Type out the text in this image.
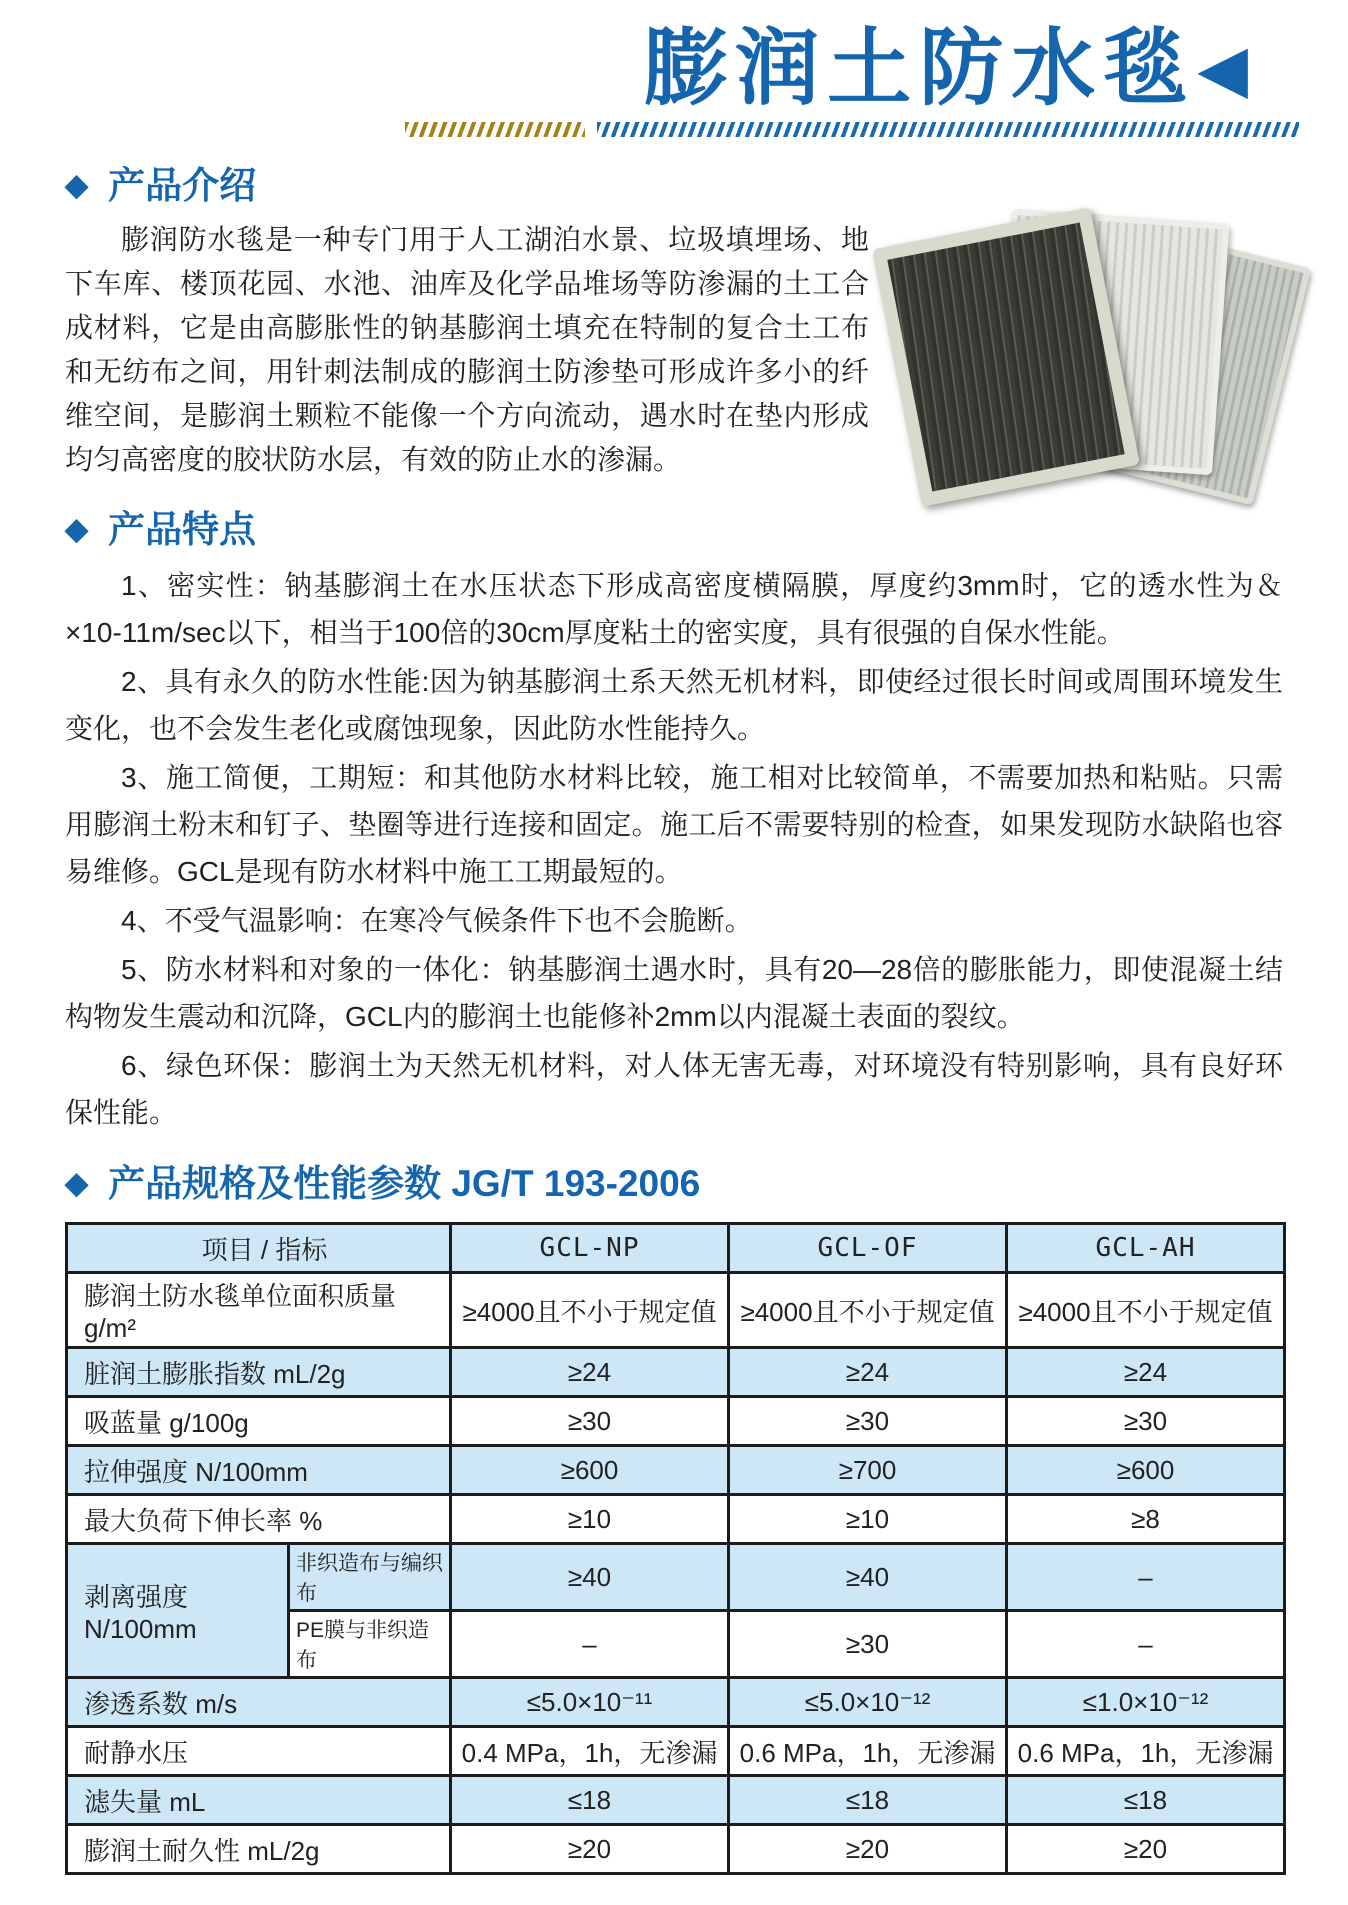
膨润土防水毯◀
◆ 产品介绍

膨润防水毯是一种专门用于人工湖泊水景、垃圾填埋场、地下车库、楼顶花园、水池、油库及化学品堆场等防渗漏的土工合成材料，它是由高膨胀性的钠基膨润土填充在特制的复合土工布和无纺布之间，用针刺法制成的膨润土防渗垫可形成许多小的纤维空间，是膨润土颗粒不能像一个方向流动，遇水时在垫内形成均匀高密度的胶状防水层，有效的防止水的渗漏。

◆ 产品特点

1、密实性：钠基膨润土在水压状态下形成高密度横隔膜，厚度约3mm时，它的透水性为＆×10-11m/sec以下，相当于100倍的30cm厚度粘土的密实度，具有很强的自保水性能。

2、具有永久的防水性能:因为钠基膨润土系天然无机材料，即使经过很长时间或周围环境发生变化，也不会发生老化或腐蚀现象，因此防水性能持久。

3、施工简便，工期短：和其他防水材料比较，施工相对比较简单，不需要加热和粘贴。只需用膨润土粉末和钉子、垫圈等进行连接和固定。施工后不需要特别的检查，如果发现防水缺陷也容易维修。GCL是现有防水材料中施工工期最短的。

4、不受气温影响：在寒冷气候条件下也不会脆断。

5、防水材料和对象的一体化：钠基膨润土遇水时，具有20—28倍的膨胀能力，即使混凝土结构物发生震动和沉降，GCL内的膨润土也能修补2mm以内混凝土表面的裂纹。

6、绿色环保：膨润土为天然无机材料，对人体无害无毒，对环境没有特别影响，具有良好环保性能。

◆ 产品规格及性能参数 JG/T 193-2006
项目 / 指标		GCL-NP	GCL-OF	GCL-AH
膨润土防水毯单位面积质量 g/m²		≥4000且不小于规定值	≥4000且不小于规定值	≥4000且不小于规定值
脏润土膨胀指数 mL/2g		≥24	≥24	≥24
吸蓝量 g/100g		≥30	≥30	≥30
拉伸强度 N/100mm		≥600	≥700	≥600
最大负荷下伸长率 %		≥10	≥10	≥8
剥离强度 N/100mm	非织造布与编织布	≥40	≥40	–
	PE膜与非织造布	–	≥30	–
渗透系数 m/s		≤5.0×10⁻¹¹	≤5.0×10⁻¹²	≤1.0×10⁻¹²
耐静水压		0.4 MPa，1h，无渗漏	0.6 MPa，1h，无渗漏	0.6 MPa，1h，无渗漏
滤失量 mL		≤18	≤18	≤18
膨润土耐久性 mL/2g		≥20	≥20	≥20
